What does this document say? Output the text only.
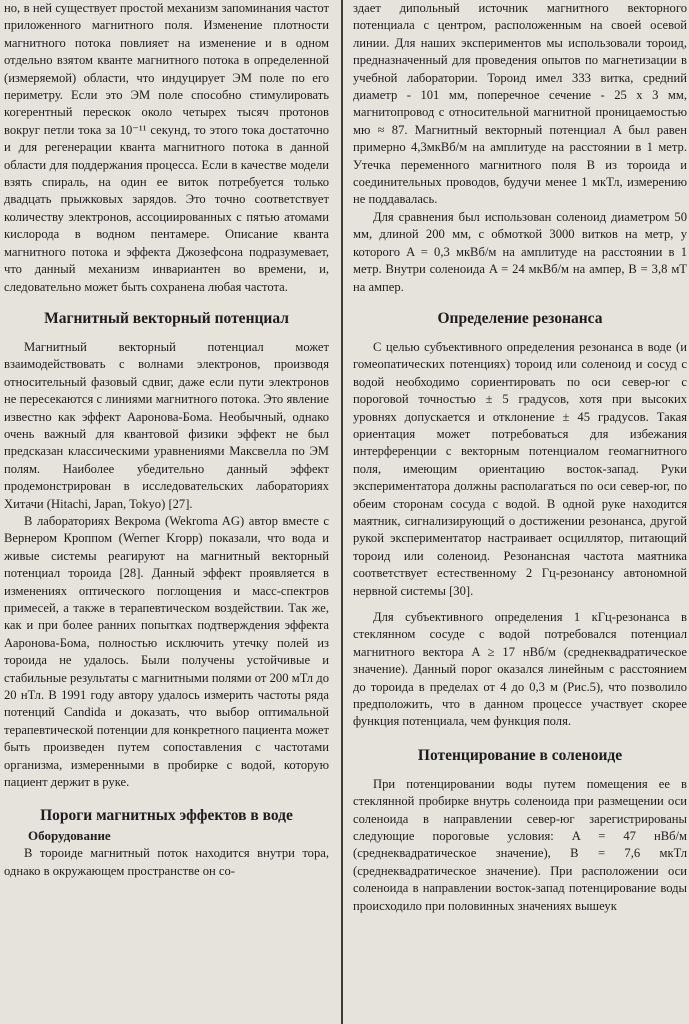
но, в ней существует простой механизм запоминания частот приложенного магнитного поля. Изменение плотности магнитного потока повлияет на изменение и в одном отдельно взятом кванте магнитного потока в определенной (измеряемой) области, что индуцирует ЭМ поле по его периметру. Если это ЭМ поле способно стимулировать когерентный перескок около четырех тысяч протонов вокруг петли тока за 10⁻¹¹ секунд, то этого тока достаточно и для регенерации кванта магнитного потока в данной области для поддержания процесса. Если в качестве модели взять спираль, на один ее виток потребуется только двадцать прыжковых зарядов. Это точно соответствует количеству электронов, ассоциированных с пятью атомами кислорода в водном пентамере. Описание кванта магнитного потока и эффекта Джозефсона подразумевает, что данный механизм инвариантен во времени, и, следовательно может быть сохранена любая частота.

Магнитный векторный потенциал

Магнитный векторный потенциал может взаимодействовать с волнами электронов, производя относительный фазовый сдвиг, даже если пути электронов не пересекаются с линиями магнитного потока. Это явление известно как эффект Ааронова-Бома. Необычный, однако очень важный для квантовой физики эффект не был предсказан классическими уравнениями Максвелла по ЭМ полям. Наиболее убедительно данный эффект продемонстрирован в исследовательских лабораториях Хитачи (Hitachi, Japan, Tokyo) [27].

В лабораториях Векрома (Wekroma AG) автор вместе с Вернером Кроппом (Werner Kropp) показали, что вода и живые системы реагируют на магнитный векторный потенциал тороида [28]. Данный эффект проявляется в изменениях оптического поглощения и масс-спектров примесей, а также в терапевтическом воздействии. Так же, как и при более ранних попытках подтверждения эффекта Ааронова-Бома, полностью исключить утечку полей из тороида не удалось. Были получены устойчивые и стабильные результаты с магнитными полями от 200 мТл до 20 нТл. В 1991 году автору удалось измерить частоты ряда потенций Candida и доказать, что выбор оптимальной терапевтической потенции для конкретного пациента может быть произведен путем сопоставления с частотами организма, измеренными в пробирке с водой, которую пациент держит в руке.

Пороги магнитных эффектов в воде
Оборудование

В тороиде магнитный поток находится внутри тора, однако в окружающем пространстве он со-

здает дипольный источник магнитного векторного потенциала с центром, расположенным на своей осевой линии. Для наших экспериментов мы использовали тороид, предназначенный для проведения опытов по магнетизации в учебной лаборатории. Тороид имел 333 витка, средний диаметр - 101 мм, поперечное сечение - 25 x 3 мм, магнитопровод с относительной магнитной проницаемостью мю ≈ 87. Магнитный векторный потенциал A был равен примерно 4,3мкВб/м на амплитуде на расстоянии в 1 метр. Утечка переменного магнитного поля B из тороида и соединительных проводов, будучи менее 1 мкТл, измерению не поддавалась.

Для сравнения был использован соленоид диаметром 50 мм, длиной 200 мм, с обмоткой 3000 витков на метр, у которого A = 0,3 мкВб/м на амплитуде на расстоянии в 1 метр. Внутри соленоида A = 24 мкВб/м на ампер, B = 3,8 мТ на ампер.

Определение резонанса

С целью субъективного определения резонанса в воде (и гомеопатических потенциях) тороид или соленоид и сосуд с водой необходимо сориентировать по оси север-юг с пороговой точностью ± 5 градусов, хотя при высоких уровнях допускается и отклонение ± 45 градусов. Такая ориентация может потребоваться для избежания интерференции с векторным потенциалом геомагнитного поля, имеющим ориентацию восток-запад. Руки экспериментатора должны располагаться по оси север-юг, по обеим сторонам сосуда с водой. В одной руке находится маятник, сигнализирующий о достижении резонанса, другой рукой экспериментатор настраивает осциллятор, питающий тороид или соленоид. Резонансная частота маятника соответствует естественному 2 Гц-резонансу автономной нервной системы [30].

Для субъективного определения 1 кГц-резонанса в стеклянном сосуде с водой потребовался потенциал магнитного вектора A ≥ 17 нВб/м (среднеквадратическое значение). Данный порог оказался линейным с расстоянием до тороида в пределах от 4 до 0,3 м (Рис.5), что позволило предположить, что в данном процессе участвует скорее функция потенциала, чем функция поля.

Потенцирование в соленоиде

При потенцировании воды путем помещения ее в стеклянной пробирке внутрь соленоида при размещении оси соленоида в направлении север-юг зарегистрированы следующие пороговые условия: A = 47 нВб/м (среднеквадратическое значение), B = 7,6 мкТл (среднеквадратическое значение). При расположении оси соленоида в направлении восток-запад потенцирование воды происходило при половинных значениях вышеук
